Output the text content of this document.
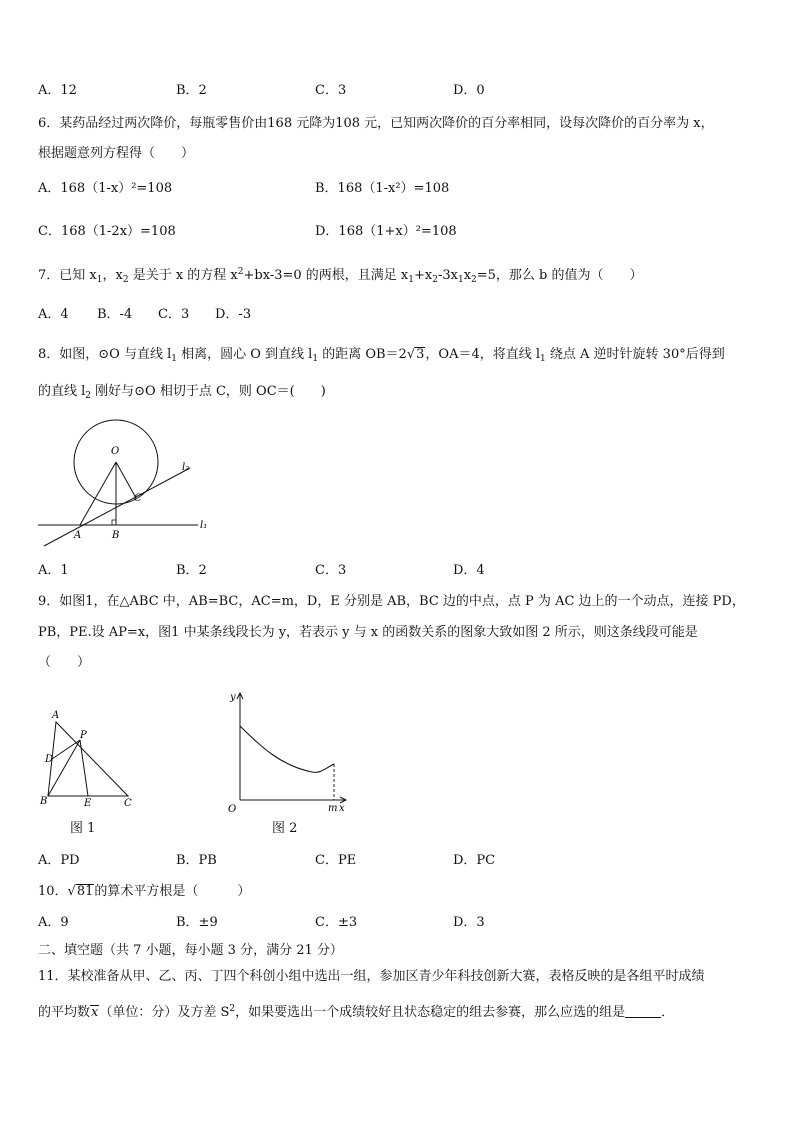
A．12	B．2	C．3	D．0
6．某药品经过两次降价，每瓶零售价由168 元降为108 元，已知两次降价的百分率相同，设每次降价的百分率为 x，
根据题意列方程得（　　）
A．168（1-x）²=108	B．168（1-x²）=108
C．168（1-2x）=108	D．168（1+x）²=108
7．已知 $x_1$，$x_2$ 是关于 x 的方程 $x^2+bx-3=0$ 的两根，且满足 $x_1+x_2-3x_1x_2=5$，那么 b 的值为（　　）
A．4 B．-4 C．3 D．-3
8．如图，⊙O 与直线 $l_1$ 相离，圆心 O 到直线 $l_1$ 的距离 OB＝2√3，OA＝4，将直线 $l_1$ 绕点 A 逆时针旋转 30°后得到
的直线 $l_2$ 刚好与⊙O 相切于点 C，则 OC＝(　　)
O
C
A	B
l₂
l₁
A．1	B．2	C．3	D．4
9．如图1，在△ABC 中，AB=BC，AC=m，D，E 分别是 AB，BC 边的中点，点 P 为 AC 边上的一个动点，连接 PD，
PB，PE.设 AP=x，图1 中某条线段长为 y，若表示 y 与 x 的函数关系的图象大致如图 2 所示，则这条线段可能是
（　　）
A
P
D
B	E	C
图 1
y
O	m x
图 2
A．PD	B．PB	C．PE	D．PC
10．√81的算术平方根是（　　　）
A．9	B．±9	C．±3	D．3
二、填空题（共 7 小题，每小题 3 分，满分 21 分）
11．某校准备从甲、乙、丙、丁四个科创小组中选出一组，参加区青少年科技创新大赛，表格反映的是各组平时成绩
的平均数x（单位：分）及方差 $S^2$，如果要选出一个成绩较好且状态稳定的组去参赛，那么应选的组是	．
